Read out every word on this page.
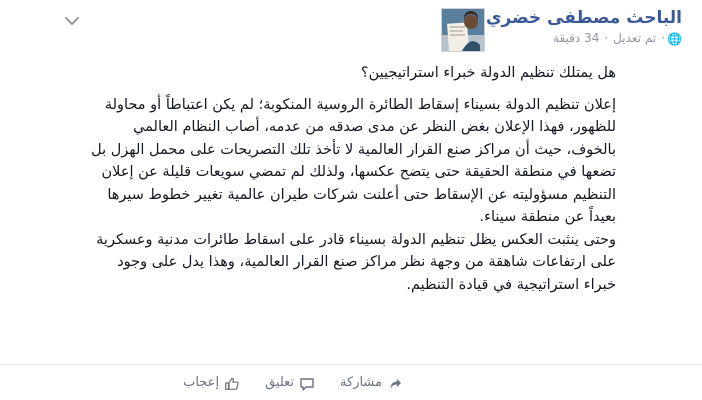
الباحث مصطفى خضري
🌐
·
تم تعديل
·
34 دقيقة

هل يمتلك تنظيم الدولة خبراء استراتيجيين؟

إعلان تنظيم الدولة بسيناء إسقاط الطائرة الروسية المنكوبة؛ لم يكن اعتباطاً أو محاولة للظهور، فهذا الإعلان بغض النظر عن مدى صدقه من عدمه، أصاب النظام العالمي بالخوف، حيث أن مراكز صنع القرار العالمية لا تأخذ تلك التصريحات على محمل الهزل بل تضعها في منطقة الحقيقة حتى يتضح عكسها، ولذلك لم تمضي سويعات قليلة عن إعلان التنظيم مسؤوليته عن الإسقاط حتى أعلنت شركات طيران عالمية تغيير خطوط سيرها بعيداً عن منطقة سيناء.

وحتى ينثبت العكس يظل تنظيم الدولة بسيناء قادر على اسقاط طائرات مدنية وعسكرية على ارتفاعات شاهقة من وجهة نظر مراكز صنع القرار العالمية، وهذا يدل على وجود خبراء استراتيجية في قيادة التنظيم.

مشاركة
تعليق
إعجاب
